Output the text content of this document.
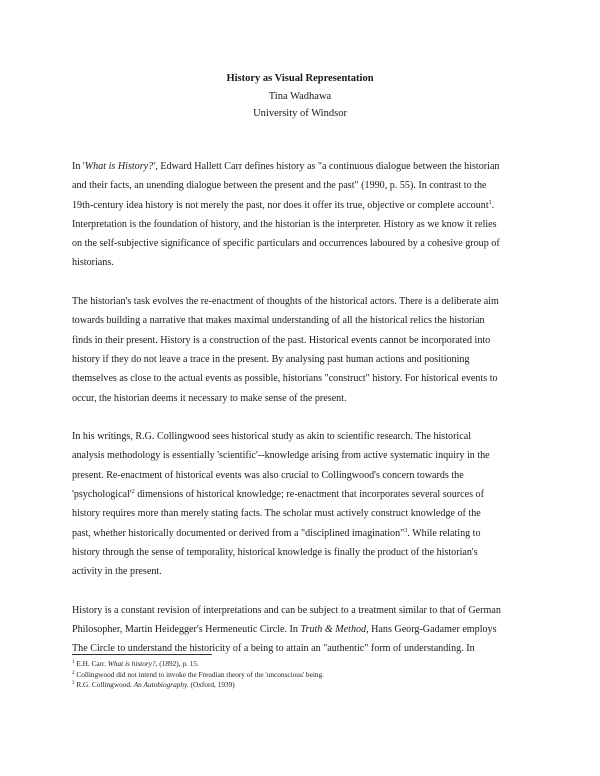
History as Visual Representation
Tina Wadhawa
University of Windsor

In 'What is History?', Edward Hallett Carr defines history as "a continuous dialogue between the historian
and their facts, an unending dialogue between the present and the past" (1990, p. 55). In contrast to the
19th-century idea history is not merely the past, nor does it offer its true, objective or complete account$^1$.
Interpretation is the foundation of history, and the historian is the interpreter. History as we know it relies
on the self-subjective significance of specific particulars and occurrences laboured by a cohesive group of
historians.

The historian's task evolves the re-enactment of thoughts of the historical actors. There is a deliberate aim
towards building a narrative that makes maximal understanding of all the historical relics the historian
finds in their present. History is a construction of the past. Historical events cannot be incorporated into
history if they do not leave a trace in the present. By analysing past human actions and positioning
themselves as close to the actual events as possible, historians "construct" history. For historical events to
occur, the historian deems it necessary to make sense of the present.

In his writings, R.G. Collingwood sees historical study as akin to scientific research. The historical
analysis methodology is essentially 'scientific'--knowledge arising from active systematic inquiry in the
present. Re-enactment of historical events was also crucial to Collingwood's concern towards the
'$psychological'^2$ dimensions of historical knowledge; re-enactment that incorporates several sources of
history requires more than merely stating facts. The scholar must actively construct knowledge of the
past, whether historically documented or derived from a "disciplined imagination"$^3$. While relating to
history through the sense of temporality, historical knowledge is finally the product of the historian's
activity in the present.

History is a constant revision of interpretations and can be subject to a treatment similar to that of German
Philosopher, Martin Heidegger's Hermeneutic Circle. In Truth & Method, Hans Georg-Gadamer employs
The Circle to understand the historicity of a being to attain an "authentic" form of understanding. In

$^1$ E.H. Carr. What is history?, (1892), p. 15.
$^2$ Collingwood did not intend to invoke the Freudian theory of the 'unconscious' being.
$^3$ R.G. Collingwood. An Autobiography. (Oxford, 1939)
